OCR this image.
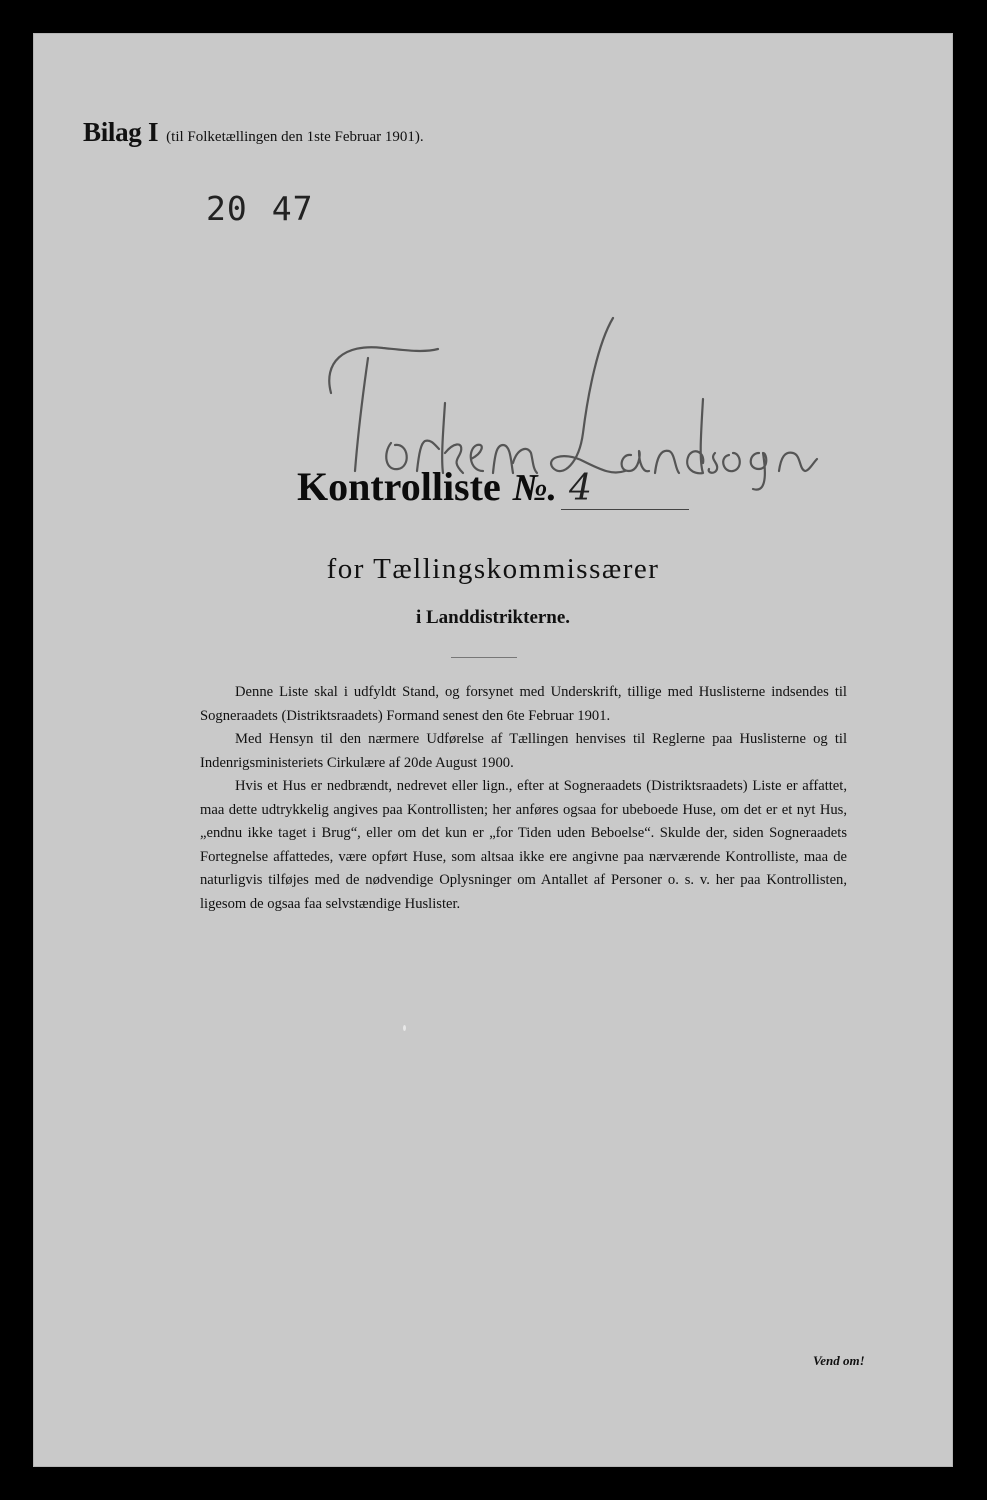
Bilag I (til Folketællingen den 1ste Februar 1901).
20 47
Kontrolliste №. 4
for Tællingskommissærer
i Landdistrikterne.

Denne Liste skal i udfyldt Stand, og forsynet med Underskrift, tillige med Huslisterne indsendes til Sogneraadets (Distriktsraadets) Formand senest den 6te Februar 1901.

Med Hensyn til den nærmere Udførelse af Tællingen henvises til Reglerne paa Huslisterne og til Indenrigsministeriets Cirkulære af 20de August 1900.

Hvis et Hus er nedbrændt, nedrevet eller lign., efter at Sogneraadets (Distriktsraadets) Liste er affattet, maa dette udtrykkelig angives paa Kontrollisten; her anføres ogsaa for ubeboede Huse, om det er et nyt Hus, „endnu ikke taget i Brug“, eller om det kun er „for Tiden uden Beboelse“. Skulde der, siden Sogneraadets Fortegnelse affattedes, være opført Huse, som altsaa ikke ere angivne paa nærværende Kontrolliste, maa de naturligvis tilføjes med de nødvendige Oplysninger om Antallet af Personer o. s. v. her paa Kontrollisten, ligesom de ogsaa faa selvstændige Huslister.

Vend om!
